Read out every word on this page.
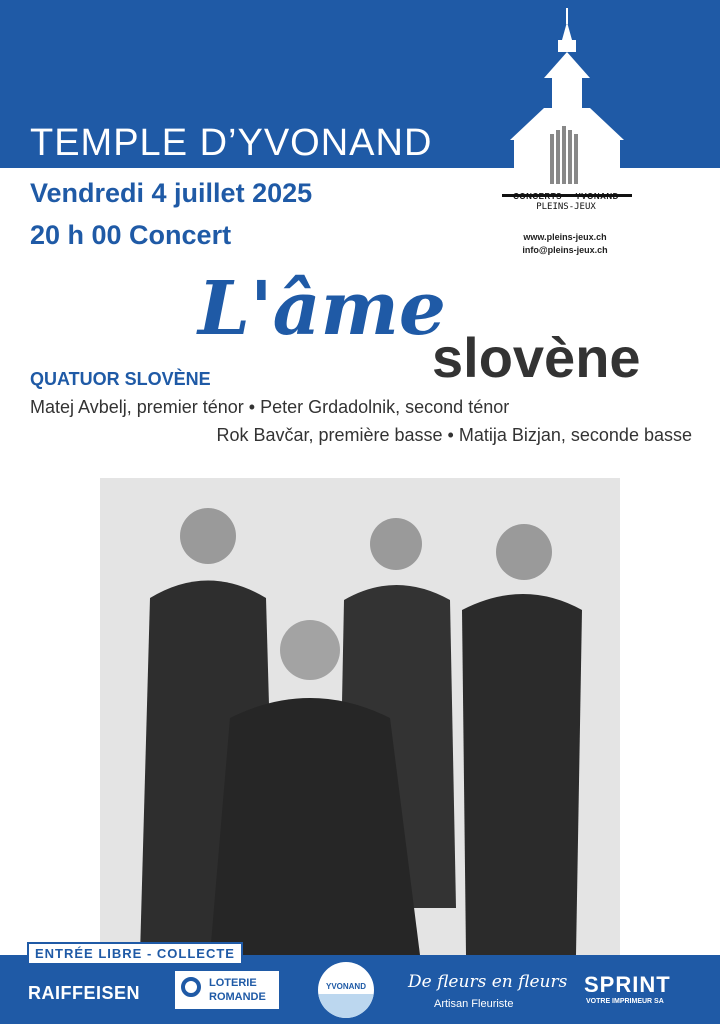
TEMPLE D’YVONAND
Vendredi 4 juillet 2025
20 h 00 Concert
CONCERTS YVONAND
PLEINS-JEUX
www.pleins-jeux.ch
info@pleins-jeux.ch
L'âme
slovène
QUATUOR SLOVÈNE
Matej Avbelj, premier ténor • Peter Grdadolnik, second ténor
Rok Bavčar, première basse • Matija Bizjan, seconde basse
ENTRÉE LIBRE - COLLECTE
RAIFFEISEN	LOTERIE
ROMANDE
YVONAND	De fleurs en fleurs
Artisan Fleuriste
SPRINT
VOTRE IMPRIMEUR SA
